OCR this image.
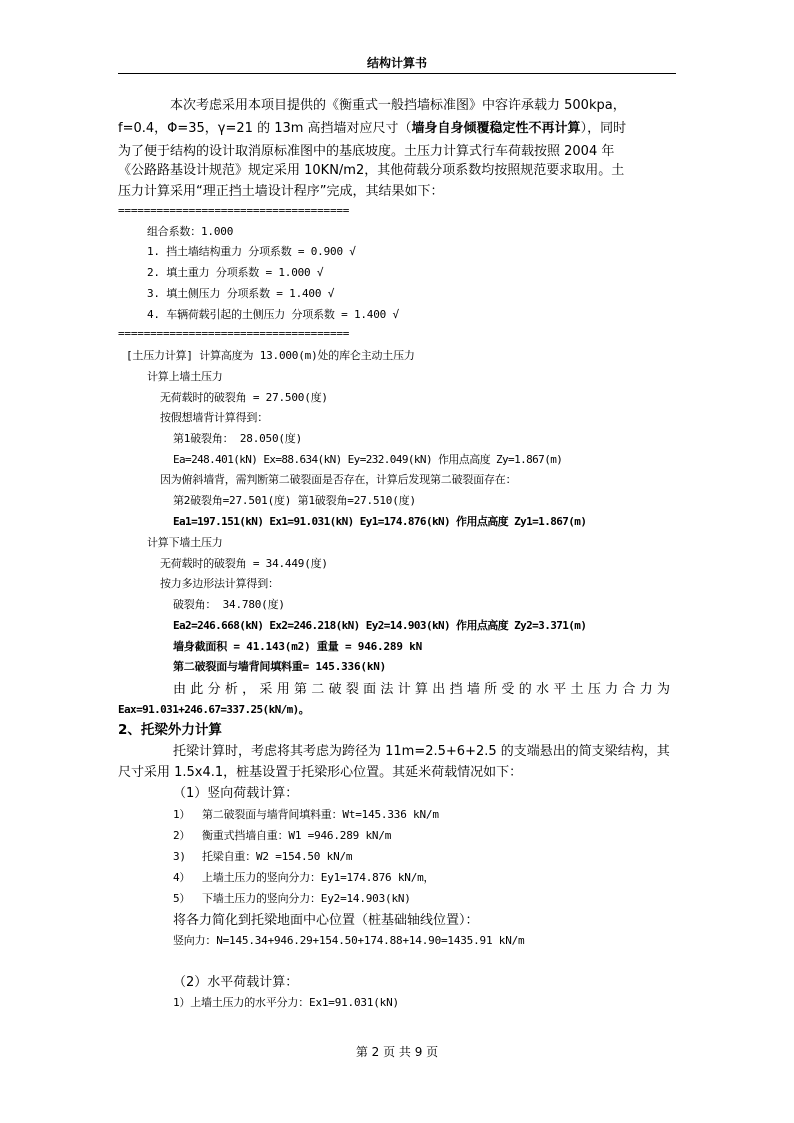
结构计算书
本次考虑采用本项目提供的《衡重式一般挡墙标准图》中容许承载力 500kpa，
f=0.4，Φ=35，γ=21 的 13m 高挡墙对应尺寸（墙身自身倾覆稳定性不再计算），同时
为了便于结构的设计取消原标准图中的基底坡度。土压力计算式行车荷载按照 2004 年
《公路路基设计规范》规定采用 10KN/m2，其他荷载分项系数均按照规范要求取用。土
压力计算采用“理正挡土墙设计程序”完成，其结果如下：
====================================
组合系数：1.000
1. 挡土墙结构重力 分项系数 = 0.900 √
2. 填土重力 分项系数 = 1.000 √
3. 填土侧压力 分项系数 = 1.400 √
4. 车辆荷载引起的土侧压力 分项系数 = 1.400 √
====================================
[土压力计算] 计算高度为 13.000(m)处的库仑主动土压力
计算上墙土压力
无荷载时的破裂角 = 27.500(度)
按假想墙背计算得到：
第1破裂角： 28.050(度)
Ea=248.401(kN) Ex=88.634(kN) Ey=232.049(kN) 作用点高度 Zy=1.867(m)
因为俯斜墙背，需判断第二破裂面是否存在，计算后发现第二破裂面存在：
第2破裂角=27.501(度) 第1破裂角=27.510(度)
Ea1=197.151(kN) Ex1=91.031(kN) Ey1=174.876(kN) 作用点高度 Zy1=1.867(m)
计算下墙土压力
无荷载时的破裂角 = 34.449(度)
按力多边形法计算得到：
破裂角： 34.780(度)
Ea2=246.668(kN) Ex2=246.218(kN) Ey2=14.903(kN) 作用点高度 Zy2=3.371(m)
墙身截面积 = 41.143(m2) 重量 = 946.289 kN
第二破裂面与墙背间填料重= 145.336(kN)
由此分析，采用第二破裂面法计算出挡墙所受的水平土压力合力为
Eax=91.031+246.67=337.25(kN/m)。
2、托梁外力计算
托梁计算时，考虑将其考虑为跨径为 11m=2.5+6+2.5 的支端悬出的简支梁结构，其
尺寸采用 1.5x4.1，桩基设置于托梁形心位置。其延米荷载情况如下：
（1）竖向荷载计算：
1） 第二破裂面与墙背间填料重：Wt=145.336 kN/m
2） 衡重式挡墙自重：W1 =946.289 kN/m
3) 托梁自重：W2 =154.50 kN/m
4） 上墙土压力的竖向分力：Ey1=174.876 kN/m，
5） 下墙土压力的竖向分力：Ey2=14.903(kN)
将各力简化到托梁地面中心位置（桩基础轴线位置）：
竖向力：N=145.34+946.29+154.50+174.88+14.90=1435.91 kN/m
（2）水平荷载计算：
1）上墙土压力的水平分力：Ex1=91.031(kN)
第 2 页 共 9 页
